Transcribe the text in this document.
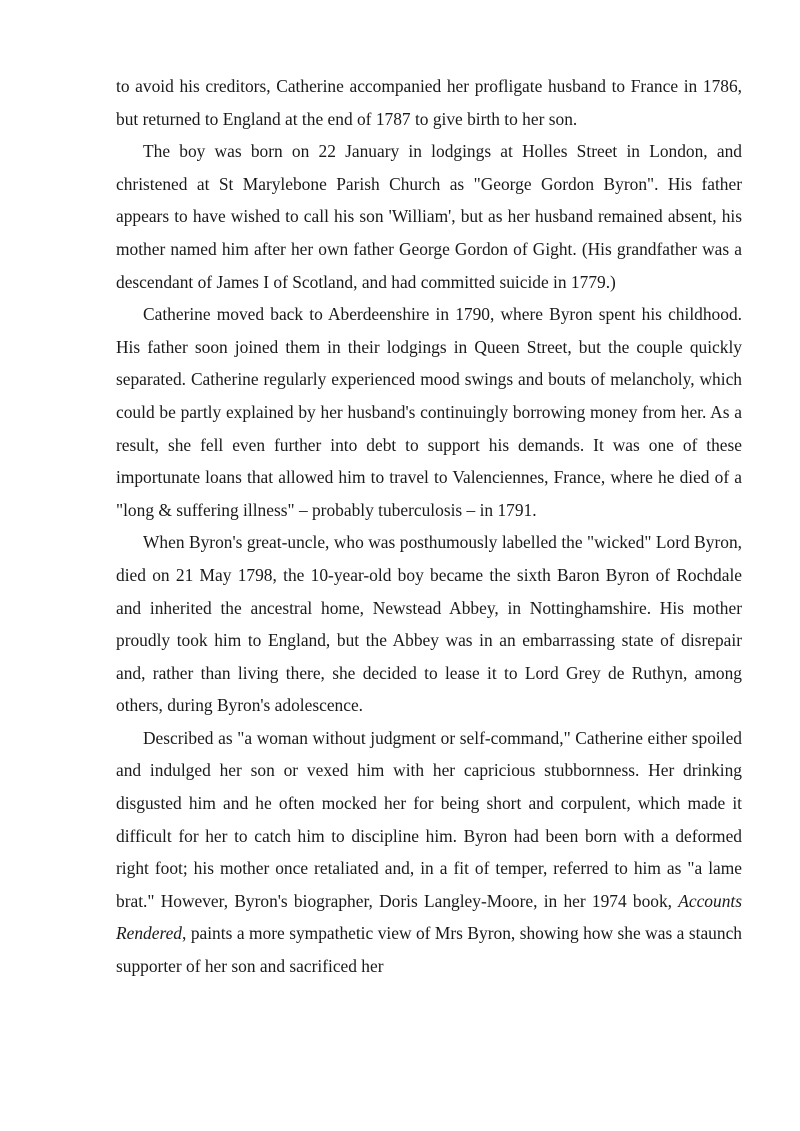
to avoid his creditors, Catherine accompanied her profligate husband to France in 1786, but returned to England at the end of 1787 to give birth to her son.

The boy was born on 22 January in lodgings at Holles Street in London, and christened at St Marylebone Parish Church as "George Gordon Byron". His father appears to have wished to call his son 'William', but as her husband remained absent, his mother named him after her own father George Gordon of Gight. (His grandfather was a descendant of James I of Scotland, and had committed suicide in 1779.)

Catherine moved back to Aberdeenshire in 1790, where Byron spent his childhood. His father soon joined them in their lodgings in Queen Street, but the couple quickly separated. Catherine regularly experienced mood swings and bouts of melancholy, which could be partly explained by her husband's continuingly borrowing money from her. As a result, she fell even further into debt to support his demands. It was one of these importunate loans that allowed him to travel to Valenciennes, France, where he died of a "long & suffering illness" – probably tuberculosis – in 1791.

When Byron's great-uncle, who was posthumously labelled the "wicked" Lord Byron, died on 21 May 1798, the 10-year-old boy became the sixth Baron Byron of Rochdale and inherited the ancestral home, Newstead Abbey, in Nottinghamshire. His mother proudly took him to England, but the Abbey was in an embarrassing state of disrepair and, rather than living there, she decided to lease it to Lord Grey de Ruthyn, among others, during Byron's adolescence.

Described as "a woman without judgment or self-command," Catherine either spoiled and indulged her son or vexed him with her capricious stubbornness. Her drinking disgusted him and he often mocked her for being short and corpulent, which made it difficult for her to catch him to discipline him. Byron had been born with a deformed right foot; his mother once retaliated and, in a fit of temper, referred to him as "a lame brat." However, Byron's biographer, Doris Langley-Moore, in her 1974 book, Accounts Rendered, paints a more sympathetic view of Mrs Byron, showing how she was a staunch supporter of her son and sacrificed her
